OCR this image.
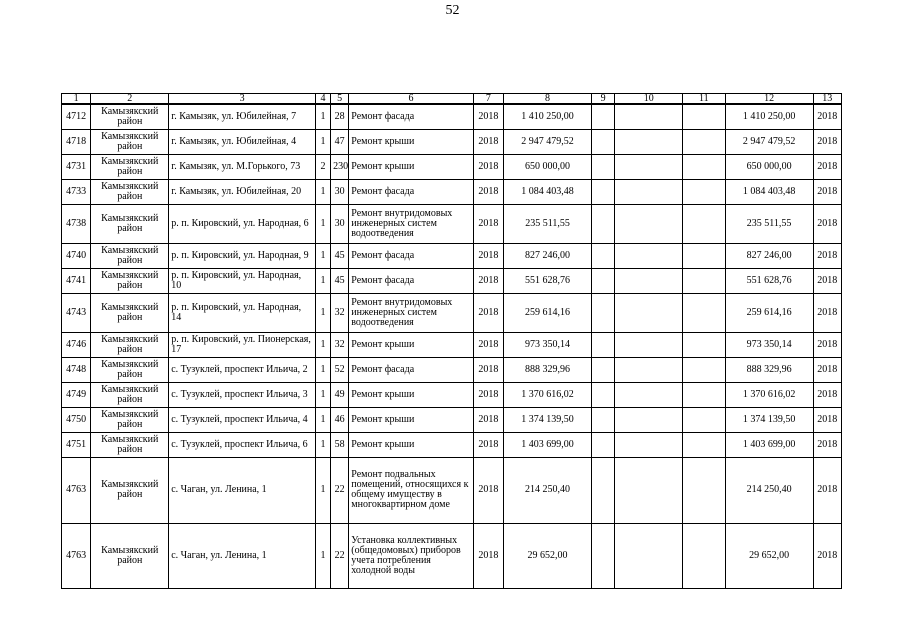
52
1	2	3	4	5	6	7	8	9	10	11	12	13
4712	Камызякский район	г. Камызяк, ул. Юбилейная, 7	1	28	Ремонт фасада	2018	1 410 250,00				1 410 250,00	2018
4718	Камызякский район	г. Камызяк, ул. Юбилейная, 4	1	47	Ремонт крыши	2018	2 947 479,52				2 947 479,52	2018
4731	Камызякский район	г. Камызяк, ул. М.Горького, 73	2	230	Ремонт крыши	2018	650 000,00				650 000,00	2018
4733	Камызякский район	г. Камызяк, ул. Юбилейная, 20	1	30	Ремонт фасада	2018	1 084 403,48				1 084 403,48	2018
4738	Камызякский район	р. п. Кировский, ул. Народная, 6	1	30	Ремонт внутридомовых инженерных систем водоотведения	2018	235 511,55				235 511,55	2018
4740	Камызякский район	р. п. Кировский, ул. Народная, 9	1	45	Ремонт фасада	2018	827 246,00				827 246,00	2018
4741	Камызякский район	р. п. Кировский, ул. Народная, 10	1	45	Ремонт фасада	2018	551 628,76				551 628,76	2018
4743	Камызякский район	р. п. Кировский, ул. Народная, 14	1	32	Ремонт внутридомовых инженерных систем водоотведения	2018	259 614,16				259 614,16	2018
4746	Камызякский район	р. п. Кировский, ул. Пионерская, 17	1	32	Ремонт крыши	2018	973 350,14				973 350,14	2018
4748	Камызякский район	с. Тузуклей, проспект Ильича, 2	1	52	Ремонт фасада	2018	888 329,96				888 329,96	2018
4749	Камызякский район	с. Тузуклей, проспект Ильича, 3	1	49	Ремонт крыши	2018	1 370 616,02				1 370 616,02	2018
4750	Камызякский район	с. Тузуклей, проспект Ильича, 4	1	46	Ремонт крыши	2018	1 374 139,50				1 374 139,50	2018
4751	Камызякский район	с. Тузуклей, проспект Ильича, 6	1	58	Ремонт крыши	2018	1 403 699,00				1 403 699,00	2018
4763	Камызякский район	с. Чаган, ул. Ленина, 1	1	22	Ремонт подвальных помещений, относящихся к общему имуществу в многоквартирном доме	2018	214 250,40				214 250,40	2018
4763	Камызякский район	с. Чаган, ул. Ленина, 1	1	22	Установка коллективных (общедомовых) приборов учета потребления холодной воды	2018	29 652,00				29 652,00	2018
